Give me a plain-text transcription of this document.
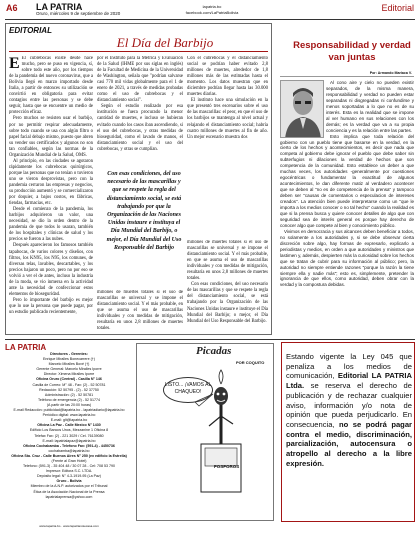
A6 LA PATRIA
Oruro, miércoles 9 de septiembre de 2020
lapatria.bo
facebook.com/LaPatriaBolivia	Editorial
EDITORIAL
El Día del Barbijo

E El cubrebocas existe desde hace mucho, pero se puso en vigencia, sí, sobre todo este año, por los tiempos de la pandemia del nuevo coronavirus, que a Bolivia llegó en marzo importado desde Italia, a partir de entonces su utilización se convirtió en obligatoria para evitar contagios entre las personas y se debe seguir, hasta que se encuentre un medio de protección eficaz.

Pero muchos se resisten usar el barbijo, por no permitir respirar adecuadamente, sobre todo cuando se usa con algún filtro o papel facial debajo mismo, puesto que abren su vender sus certificados y algunos no son tan confiables, según las normas de la Organización Mundial de la Salud, OMS.

Al principio, en las ciudades se agotaron rápidamente los cubrebocas quirúrgicos, porque las personas que no tenían o tuvieron uno se vieron desprovistas, pero con la pandemia cerraron las empresas y negocios, su producción aumentó y se comercializaron por doquier, a bajos costos, en fábricas, tiendas, farmacias, etc.

Desde el comienzo de la pandemia, los barbijos adquirieron un valor, una necesidad, se dio la orden dentro de la pandemia de que todos lo usaran, también de los hospitales y clínicas de salud y los precios se fueron a las nubes.

Después aparecieron los famosos también tapabocas, de varios colores y diseños, con filtros, los KN95, los N95, los comunes, de diversas telas, lavables, descartables, y los precios bajaron un poco, pero no por eso se volvió a ver el de antes, incluso la industria de la moda, se vio inmersa en la actividad ante la necesidad de confeccionar estos elementos de bioseguridad.

Pero lo importante del barbijo es mejor que lo use la persona que puede pagar, por un estudio publicado recientemente,

por el Instituto para la Métrica y Evaluación de la Salud (IHME por sus siglas en inglés) de la Facultad de Medicina de la Universidad de Washington, señala que "podrían salvarse casi 770 mil vidas globalmente para el 1 de enero de 2021, a través de medidas probadas como el uso de cubrebocas y el distanciamiento social".

Según el estudio realizado por esa institución se fuera procurado la menor cantidad de muertes, e incluso se hubieran evitado cuando los casos iban ascendiendo, si el uso del cubrebocas, y otras medidas de bioseguridad, como el lavado de manos, el distanciamiento social y el uso del cubrebocas, y otras se cumplían.

Con esas condiciones, del uso necesario de las mascarillas y que se respete la regla del distanciamiento social, se está trabajando por que la Organización de las Naciones Unidas instaure e instituya el Día Mundial del Barbijo, o mejor, el Día Mundial del Uso Responsable del Barbijo

Con el cubrebocas y el distanciamiento social se podrían haber evitado 2,8 millones de muertes, alrededor de 1,8 millones más de las estimadas hasta el momento. Los datos muestran que en diciembre podrían llegar hasta las 30.000 muertes diarias.

El instituto hace una simulación en la que presentó tres escenarios sobre el uso de las mascarillas: el peor, en que el uso de los barbijos se mantenga al nivel actual y relajando el distanciamiento social; habría cuatro millones de muertes al fin de año. Un mejor escenario muestra dos

millones de muertes totales si el uso de mascarillas se universal y se impone el distanciamiento social. Y el más probable, en que se asuma el uso de mascarillas individuales y con medidas de mitigación, resultaría en unos 2,8 millones de muertes totales.

Con esas condiciones, del uso necesario de las mascarillas y que se respete la regla del distanciamiento social, se está trabajando por la Organización de las Naciones Unidas instaure e instituye el Día Mundial del Barbijo; o mejor, el Día Mundial del Uso Responsable del Barbijo.

millones de muertes totales si el uso de mascarillas se universal y se impone el distanciamiento social. Y el más probable, en que se asuma el uso de mascarillas individuales y con medidas de mitigación, resultaría en unos 2,8 millones de muertes totales.

Responsabilidad y verdad van juntas
Por: Armando Mariaca V.

Al cono aire y cielo no pueden existir separados, de la misma manera, responsabilidad y verdad no pueden estar separadas ni disgregadas ni confundirse y menos soportadas a lo que no es de su interés. Esta es la realidad que se impone al ver humano en sus relaciones con los demás; es la verdad que va a su propia conciencia y es la relación entre las partes.

Esto implica que toda relación del gobierno con un pueblo tiene que basarse en la verdad, en la cierto de los hechos y acontecimientos, es decir que nada que competa al gobierno debe ignorar el pueblo que debe saber sin subterfugios ni dilaciones la verdad de hechos que son competencia de la comunidad. Esto establece un deber a que muchas veces, los autoridades -generalmente por cuestiones egocéntricas o fundamentar la exactitud de algunos acontecimientos, le dan diferente matiz al verdadero acontecer que se deben al "no es de competencia de la prensa" y tampoco deben ser "causas de comentarios o especulacion de intereses creados". La atención bien puede interpretarse como un "que le importa a los medios conocer o no tal hecho" cuando la realidad es que si la prensa busca y quiere conocer detalles de algo que con seguridad sea de interés general es porque hay derecho de conocer algo que compete al bien y conocimiento público.

Vivimos en democracia y sus alcances deben beneficiar a todos, no solamente a los autoridades y, si se debe observar cierta discreción sobre algo, hay formas de expresarlo, explicarlo a periodistas y medios, en orden a que autoridades y ministros que lastimen y, además, despierten más la curiosidad sobre los hechos que se tratan de cubrir para su información al público; pero, la autoridad no siempre entiende razones "porque la razón la tiene siempre ella y nadie más"; esto es, simplemente, pretender la ignorancia de que ellos, como autoridad, deben obrar con la verdad y la compostura debidas.

LA PATRIA
Directores - Gerentes:
Enrique Miralles Bonecarrere (†)
Marcelo Miralles Bové (†)
Gerente General: Marcelo Miralles Iporre
Director: Ximena Miralles Iporre
Oficina Oruro (Central) - Casilla N° 146
Casilla de Correo: M° 48 - Fax: (2) - 52 50781
Redacción: 52 50795 - (2) - 52 37750
Administración: (2) - 52 50781
Teléfono de emergencia (2) - 52 51774
(A partir de las 20:00 horas)
E-mail Redacción: publicidad@lapatria.bo - lapatriadiario@lapatria.bo
Periódico digital: www.lapatria.bo
E-mail: glt@lapatria.bo
Oficina La Paz - Calle Mexico N° 1430
Edificio Los Bancos Unos, Mezzanine 1 Oficina 8
Telefax Fax: (2) - 221 3029 / Cel. 76139080
E-mail: lapatrialapaz@lapatria.bo
Oficina Cochabamba - Telefono Fax: (591-4) - 4450736
cochabamba@lapatria.bo
Oficina Sta. Cruz - Calle Buenos Aires N° 250 (ex edificio la Estrella)
(Frente al Gran Hotel)
Telefono: (591-3) - 35 404 48 / 30 07 28 - Cel: 708 53 790
Impresor: Editora S.C. LTDA.
Depósito legal: N° 4-3-1919-95 (La Paz)
Oruro - Bolivia
Miembro de la A.N.P. autorizados por el Tribunal
Ética de la Asociación Nacional de la Prensa
lapatrialaprensa@yahoo.com
www.lapatria.bo · www.lapatrianotecasa.com
Picadas
POR COQUITO
LISTO... ¡VAMOS AL CHAQUEO!
FOSFOROS
Estando vigente la Ley 045 que penaliza a los medios de comunicación, Editorial LA PATRIA Ltda. se reserva el derecho de publicación y de rechazar cualquier aviso, información y/o nota de opinión que pueda perjudicarlo. En consecuencia, no se podrá pagar contra el medio, discriminación, parcialización, autocensura o atropello al derecho a la libre expresión.
